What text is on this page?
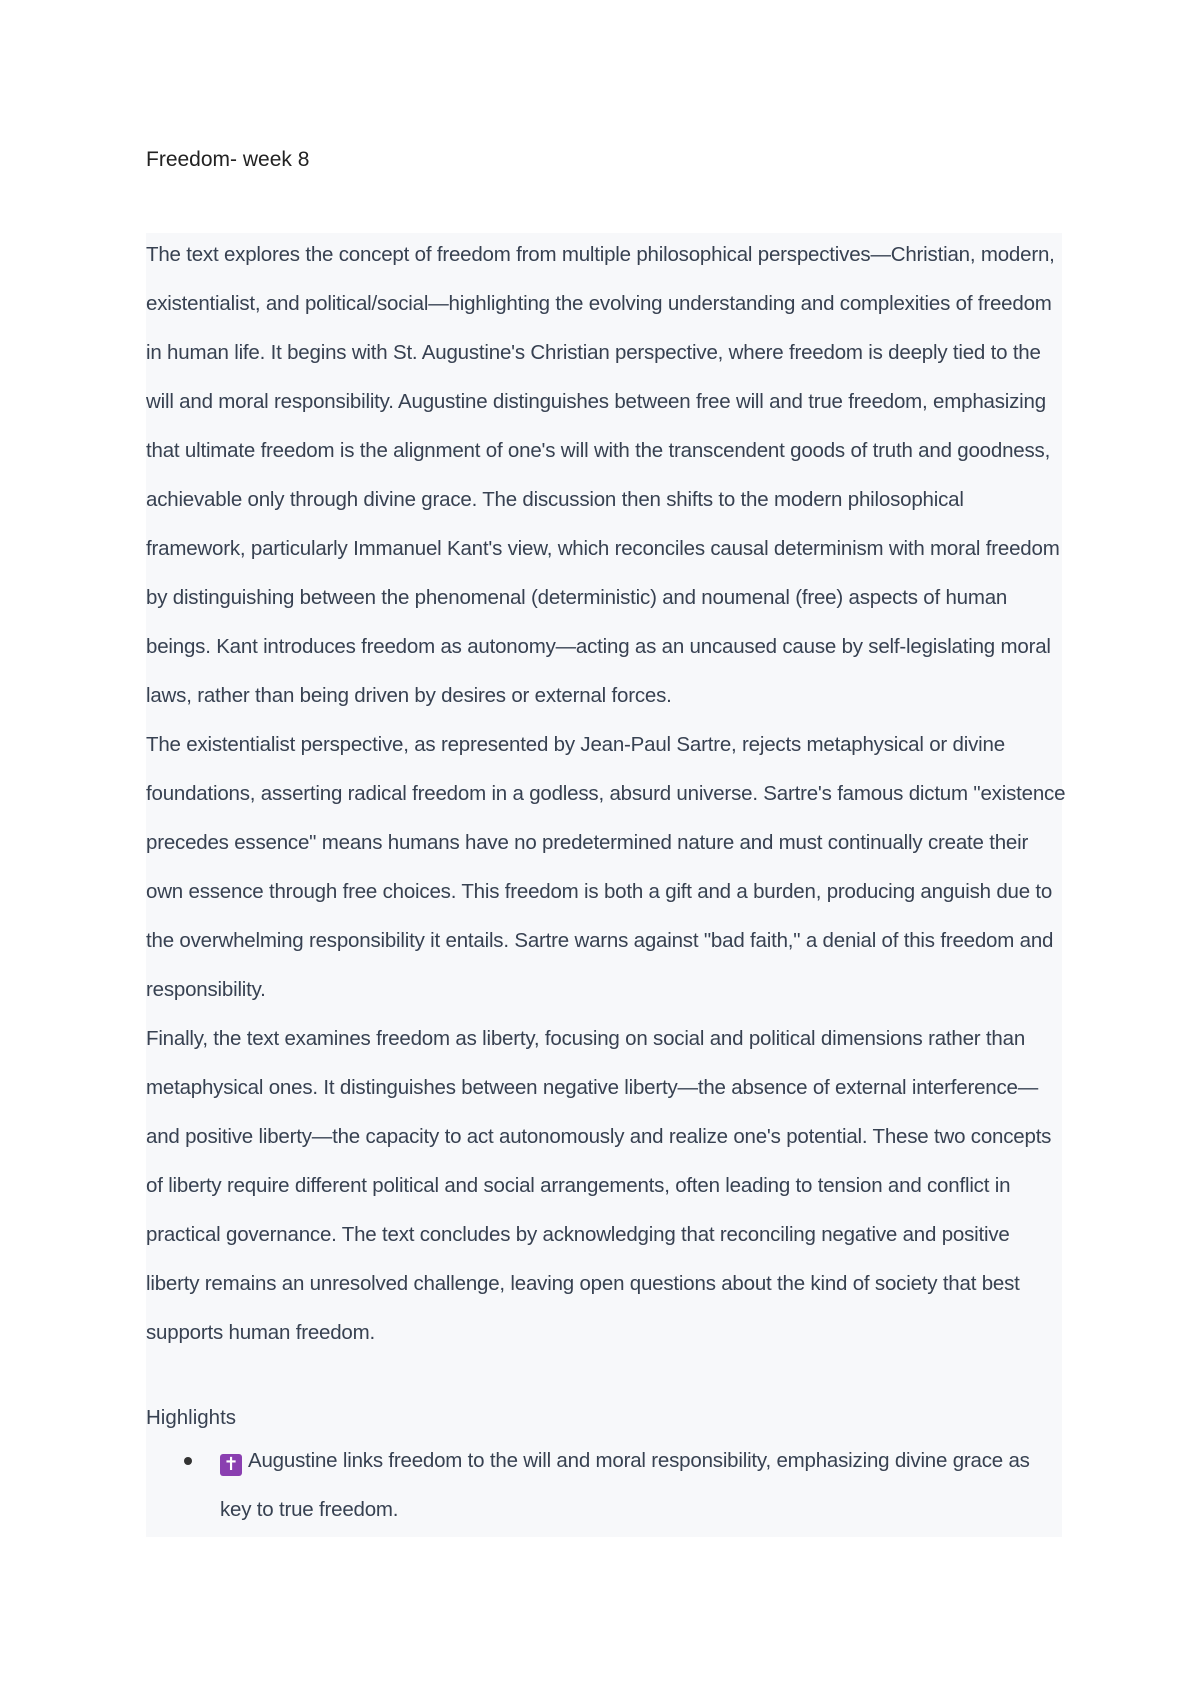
Freedom- week 8

The text explores the concept of freedom from multiple philosophical perspectives—Christian, modern, existentialist, and political/social—highlighting the evolving understanding and complexities of freedom in human life. It begins with St. Augustine's Christian perspective, where freedom is deeply tied to the will and moral responsibility. Augustine distinguishes between free will and true freedom, emphasizing that ultimate freedom is the alignment of one's will with the transcendent goods of truth and goodness, achievable only through divine grace. The discussion then shifts to the modern philosophical framework, particularly Immanuel Kant's view, which reconciles causal determinism with moral freedom by distinguishing between the phenomenal (deterministic) and noumenal (free) aspects of human beings. Kant introduces freedom as autonomy—acting as an uncaused cause by self-legislating moral laws, rather than being driven by desires or external forces.

The existentialist perspective, as represented by Jean-Paul Sartre, rejects metaphysical or divine foundations, asserting radical freedom in a godless, absurd universe. Sartre's famous dictum "existence precedes essence" means humans have no predetermined nature and must continually create their own essence through free choices. This freedom is both a gift and a burden, producing anguish due to the overwhelming responsibility it entails. Sartre warns against "bad faith," a denial of this freedom and responsibility.

Finally, the text examines freedom as liberty, focusing on social and political dimensions rather than metaphysical ones. It distinguishes between negative liberty—the absence of external interference—and positive liberty—the capacity to act autonomously and realize one's potential. These two concepts of liberty require different political and social arrangements, often leading to tension and conflict in practical governance. The text concludes by acknowledging that reconciling negative and positive liberty remains an unresolved challenge, leaving open questions about the kind of society that best supports human freedom.

Highlights
✝ Augustine links freedom to the will and moral responsibility, emphasizing divine grace as key to true freedom.
